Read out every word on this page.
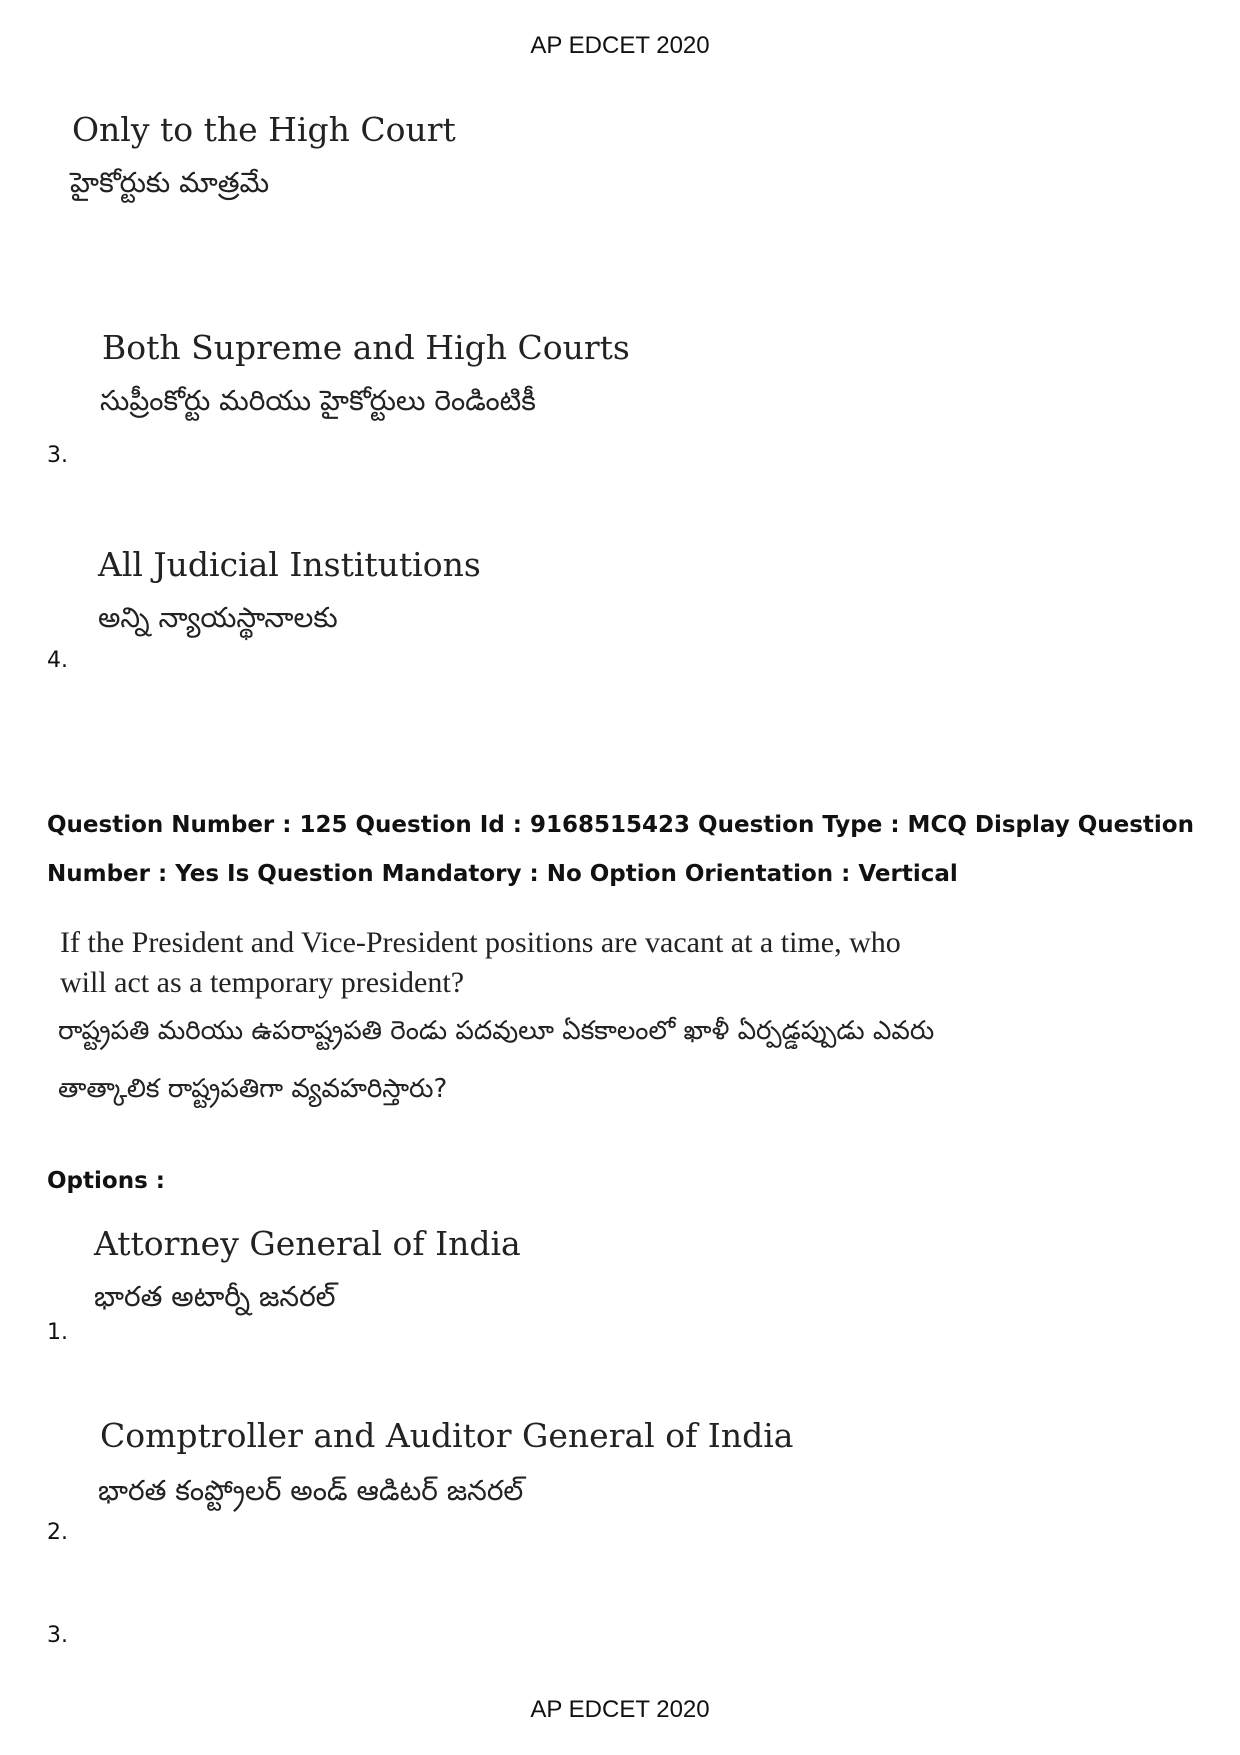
AP EDCET 2020
Only to the High Court
హైకోర్టుకు మాత్రమే
Both Supreme and High Courts
సుప్రీంకోర్టు మరియు హైకోర్టులు రెండింటికీ
3.
All Judicial Institutions
అన్ని న్యాయస్థానాలకు
4.
Question Number : 125 Question Id : 9168515423 Question Type : MCQ Display Question
Number : Yes Is Question Mandatory : No Option Orientation : Vertical
If the President and Vice-President positions are vacant at a time, who
will act as a temporary president?
రాష్ట్రపతి మరియు ఉపరాష్ట్రపతి రెండు పదవులూ ఏకకాలంలో ఖాళీ ఏర్పడ్డప్పుడు ఎవరు
తాత్కాలిక రాష్ట్రపతిగా వ్యవహరిస్తారు?
Options :
Attorney General of India
భారత అటార్నీ జనరల్
1.
Comptroller and Auditor General of India
భారత కంప్ట్రోలర్ అండ్ ఆడిటర్ జనరల్
2.
3.
AP EDCET 2020
